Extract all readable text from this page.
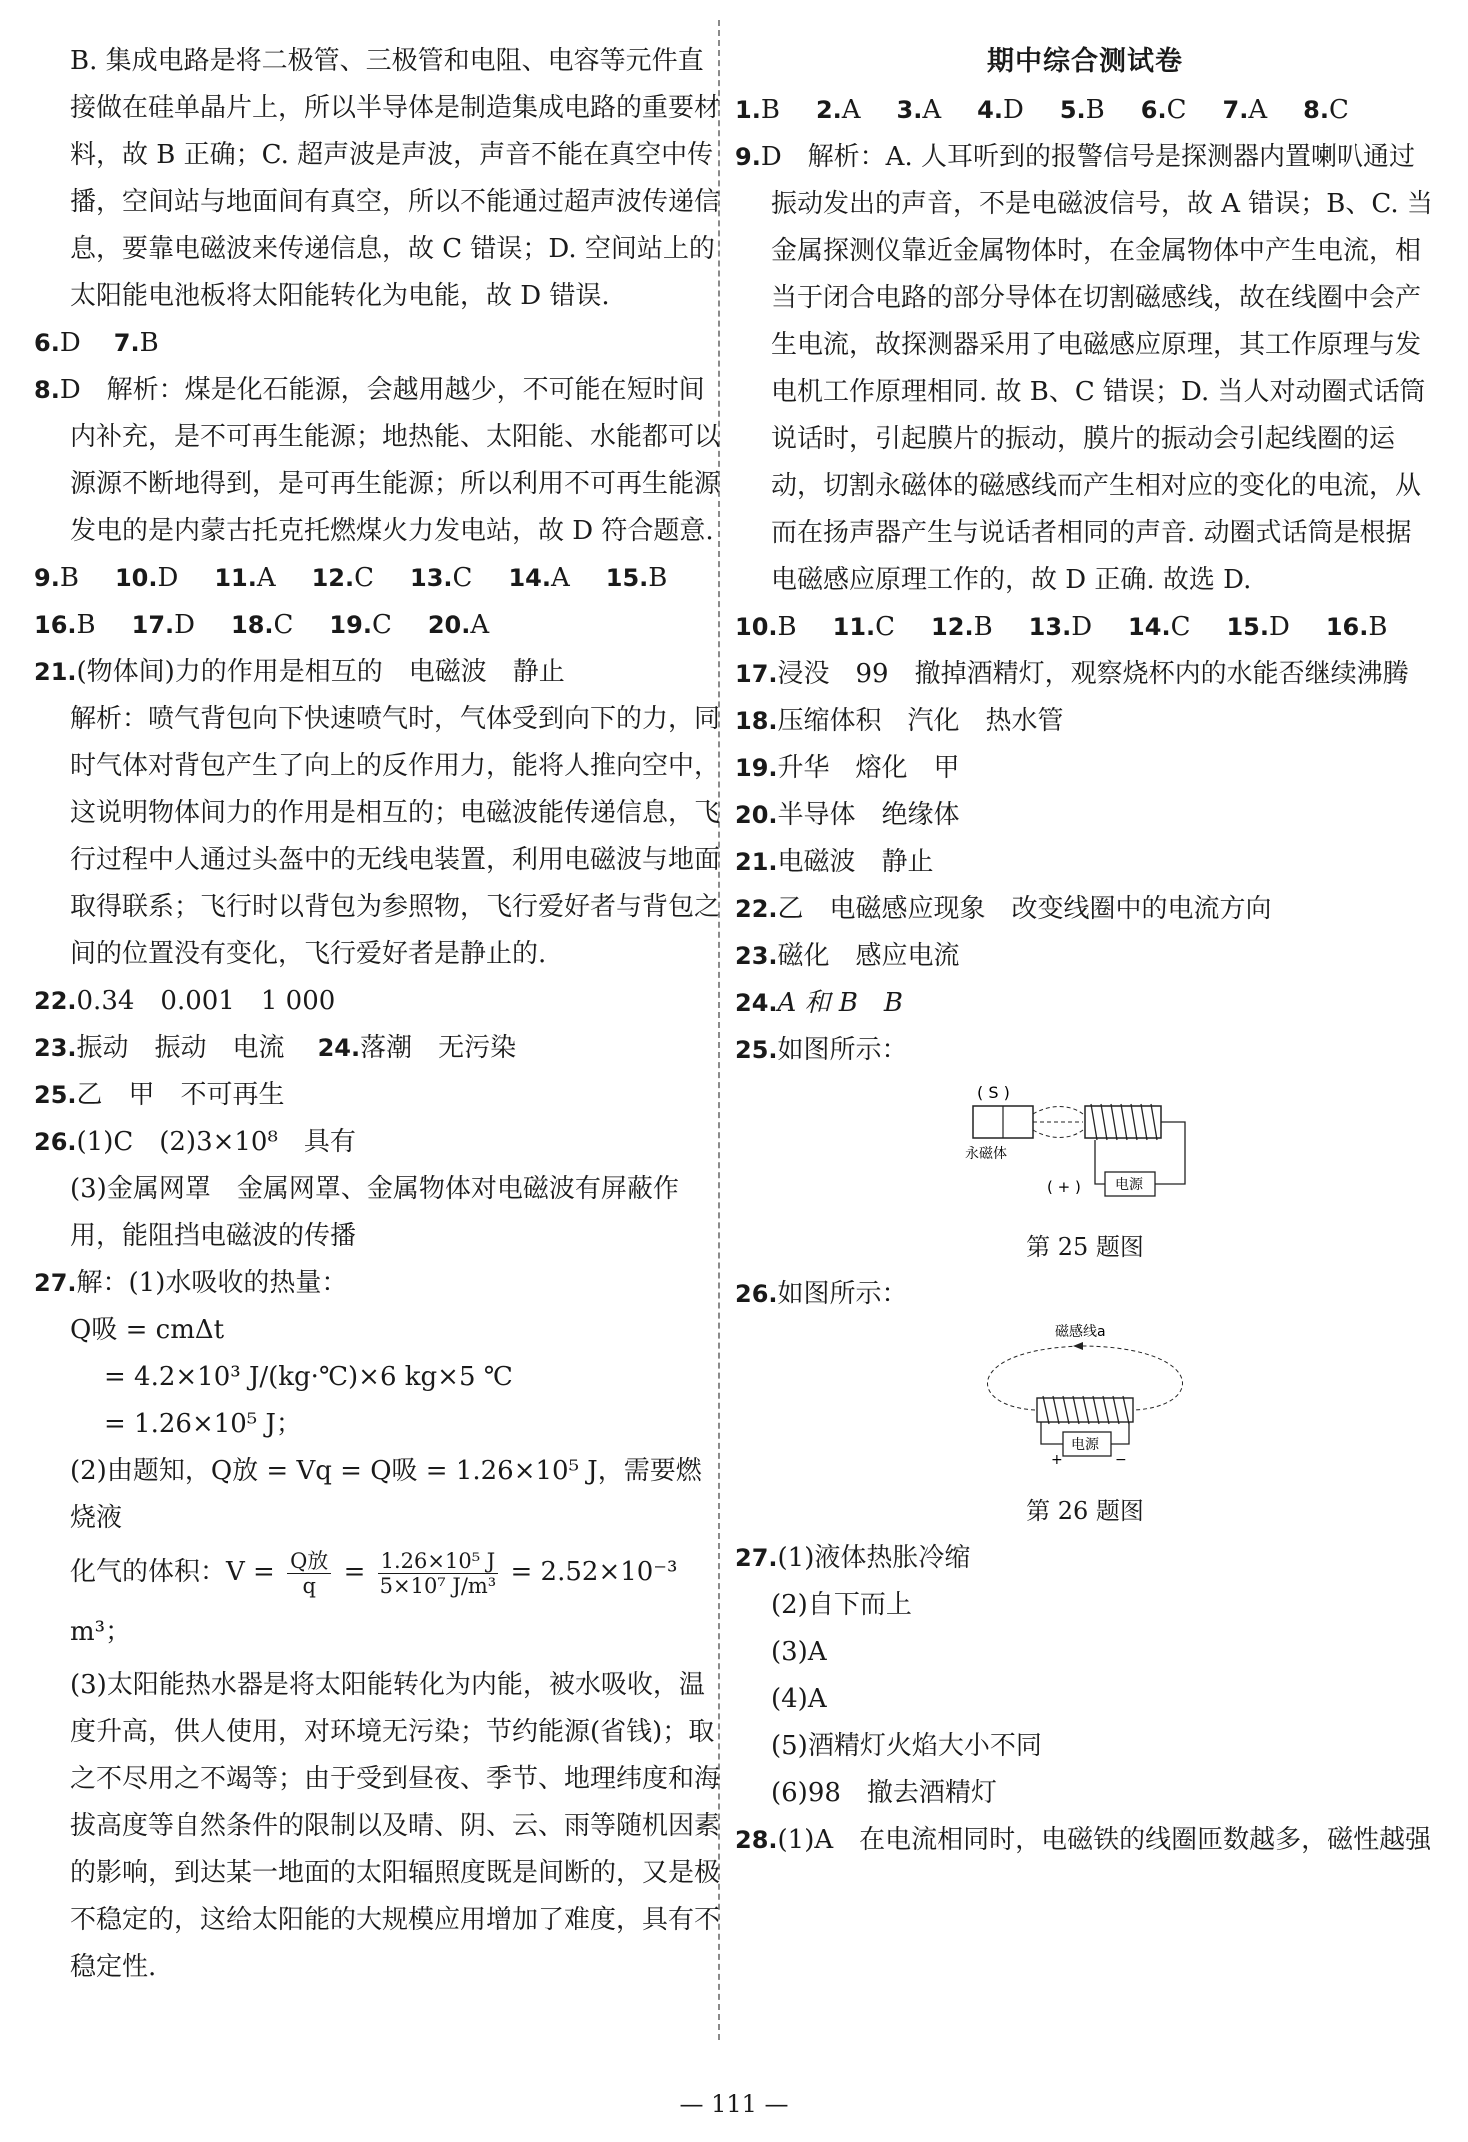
B. 集成电路是将二极管、三极管和电阻、电容等元件直接做在硅单晶片上，所以半导体是制造集成电路的重要材料，故 B 正确；C. 超声波是声波，声音不能在真空中传播，空间站与地面间有真空，所以不能通过超声波传递信息，要靠电磁波来传递信息，故 C 错误；D. 空间站上的太阳能电池板将太阳能转化为电能，故 D 错误.

6.D 7.B

8.D　解析：煤是化石能源，会越用越少，不可能在短时间内补充，是不可再生能源；地热能、太阳能、水能都可以源源不断地得到，是可再生能源；所以利用不可再生能源发电的是内蒙古托克托燃煤火力发电站，故 D 符合题意.

9.B 10.D 11.A 12.C 13.C 14.A 15.B

16.B 17.D 18.C 19.C 20.A

21.(物体间)力的作用是相互的　电磁波　静止

解析：喷气背包向下快速喷气时，气体受到向下的力，同时气体对背包产生了向上的反作用力，能将人推向空中，这说明物体间力的作用是相互的；电磁波能传递信息，飞行过程中人通过头盔中的无线电装置，利用电磁波与地面取得联系；飞行时以背包为参照物，飞行爱好者与背包之间的位置没有变化，飞行爱好者是静止的.

22.0.34　0.001　1 000

23.振动　振动　电流 24.落潮　无污染

25.乙　甲　不可再生

26.(1)C　(2)3×10⁸　具有

(3)金属网罩　金属网罩、金属物体对电磁波有屏蔽作用，能阻挡电磁波的传播

27.解：(1)水吸收的热量：

Q吸 = cmΔt

= 4.2×10³ J/(kg·℃)×6 kg×5 ℃

= 1.26×10⁵ J；

(2)由题知，Q放 = Vq = Q吸 = 1.26×10⁵ J，需要燃烧液

化气的体积：$V = \frac{\text{Q放}}{q} = \frac{\text{1.26×10⁵ J}}{\text{5×10⁷ J/m³}} = 2.52\times 10^{-3}$ m³；

(3)太阳能热水器是将太阳能转化为内能，被水吸收，温度升高，供人使用，对环境无污染；节约能源(省钱)；取之不尽用之不竭等；由于受到昼夜、季节、地理纬度和海拔高度等自然条件的限制以及晴、阴、云、雨等随机因素的影响，到达某一地面的太阳辐照度既是间断的，又是极不稳定的，这给太阳能的大规模应用增加了难度，具有不稳定性.

期中综合测试卷

1.B 2.A 3.A 4.D 5.B 6.C 7.A 8.C

9.D　解析：A. 人耳听到的报警信号是探测器内置喇叭通过振动发出的声音，不是电磁波信号，故 A 错误；B、C. 当金属探测仪靠近金属物体时，在金属物体中产生电流，相当于闭合电路的部分导体在切割磁感线，故在线圈中会产生电流，故探测器采用了电磁感应原理，其工作原理与发电机工作原理相同. 故 B、C 错误；D. 当人对动圈式话筒说话时，引起膜片的振动，膜片的振动会引起线圈的运动，切割永磁体的磁感线而产生相对应的变化的电流，从而在扬声器产生与说话者相同的声音. 动圈式话筒是根据电磁感应原理工作的，故 D 正确. 故选 D.

10.B 11.C 12.B 13.D 14.C 15.D 16.B

17.浸没　99　撤掉酒精灯，观察烧杯内的水能否继续沸腾

18.压缩体积　汽化　热水管

19.升华　熔化　甲

20.半导体　绝缘体

21.电磁波　静止

22.乙　电磁感应现象　改变线圈中的电流方向

23.磁化　感应电流

24.A 和 B　B

25.如图所示：

( S )
电源
永磁体
( + )
第 25 题图

26.如图所示：

磁感线a
电源
+	−
第 26 题图

27.(1)液体热胀冷缩

(2)自下而上

(3)A

(4)A

(5)酒精灯火焰大小不同

(6)98　撤去酒精灯

28.(1)A　在电流相同时，电磁铁的线圈匝数越多，磁性越强

— 111 —
